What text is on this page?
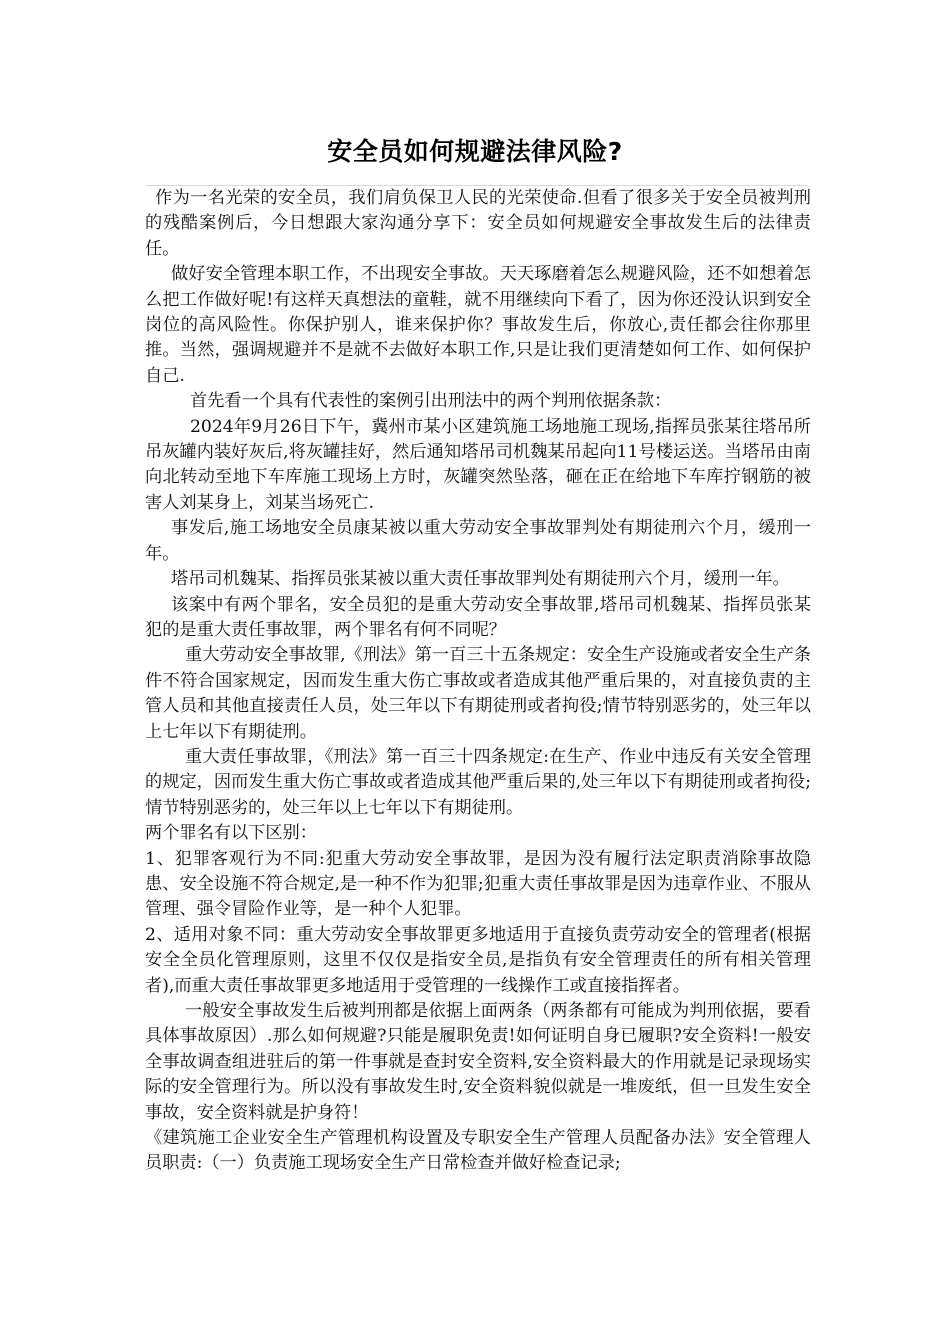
安全员如何规避法律风险?

作为一名光荣的安全员，我们肩负保卫人民的光荣使命.但看了很多关于安全员被判刑的残酷案例后，今日想跟大家沟通分享下：安全员如何规避安全事故发生后的法律责任。

做好安全管理本职工作，不出现安全事故。天天琢磨着怎么规避风险，还不如想着怎么把工作做好呢!有这样天真想法的童鞋，就不用继续向下看了，因为你还没认识到安全岗位的高风险性。你保护别人，谁来保护你？事故发生后，你放心,责任都会往你那里推。当然，强调规避并不是就不去做好本职工作,只是让我们更清楚如何工作、如何保护自己.

首先看一个具有代表性的案例引出刑法中的两个判刑依据条款：

2024年9月26日下午，冀州市某小区建筑施工场地施工现场,指挥员张某往塔吊所吊灰罐内装好灰后,将灰罐挂好，然后通知塔吊司机魏某吊起向11号楼运送。当塔吊由南向北转动至地下车库施工现场上方时，灰罐突然坠落，砸在正在给地下车库拧钢筋的被害人刘某身上，刘某当场死亡.

事发后,施工场地安全员康某被以重大劳动安全事故罪判处有期徒刑六个月，缓刑一年。

塔吊司机魏某、指挥员张某被以重大责任事故罪判处有期徒刑六个月，缓刑一年。

该案中有两个罪名，安全员犯的是重大劳动安全事故罪,塔吊司机魏某、指挥员张某犯的是重大责任事故罪，两个罪名有何不同呢？

重大劳动安全事故罪,《刑法》第一百三十五条规定：安全生产设施或者安全生产条件不符合国家规定，因而发生重大伤亡事故或者造成其他严重后果的，对直接负责的主管人员和其他直接责任人员，处三年以下有期徒刑或者拘役;情节特别恶劣的，处三年以上七年以下有期徒刑。

重大责任事故罪，《刑法》第一百三十四条规定:在生产、作业中违反有关安全管理的规定，因而发生重大伤亡事故或者造成其他严重后果的,处三年以下有期徒刑或者拘役;情节特别恶劣的，处三年以上七年以下有期徒刑。

两个罪名有以下区别：

1、犯罪客观行为不同:犯重大劳动安全事故罪，是因为没有履行法定职责消除事故隐患、安全设施不符合规定,是一种不作为犯罪;犯重大责任事故罪是因为违章作业、不服从管理、强令冒险作业等，是一种个人犯罪。

2、适用对象不同：重大劳动安全事故罪更多地适用于直接负责劳动安全的管理者(根据安全全员化管理原则，这里不仅仅是指安全员,是指负有安全管理责任的所有相关管理者),而重大责任事故罪更多地适用于受管理的一线操作工或直接指挥者。

一般安全事故发生后被判刑都是依据上面两条（两条都有可能成为判刑依据，要看具体事故原因）.那么如何规避?只能是履职免责!如何证明自身已履职?安全资料!一般安全事故调查组进驻后的第一件事就是查封安全资料,安全资料最大的作用就是记录现场实际的安全管理行为。所以没有事故发生时,安全资料貌似就是一堆废纸，但一旦发生安全事故，安全资料就是护身符！

《建筑施工企业安全生产管理机构设置及专职安全生产管理人员配备办法》安全管理人员职责:（一）负责施工现场安全生产日常检查并做好检查记录;
